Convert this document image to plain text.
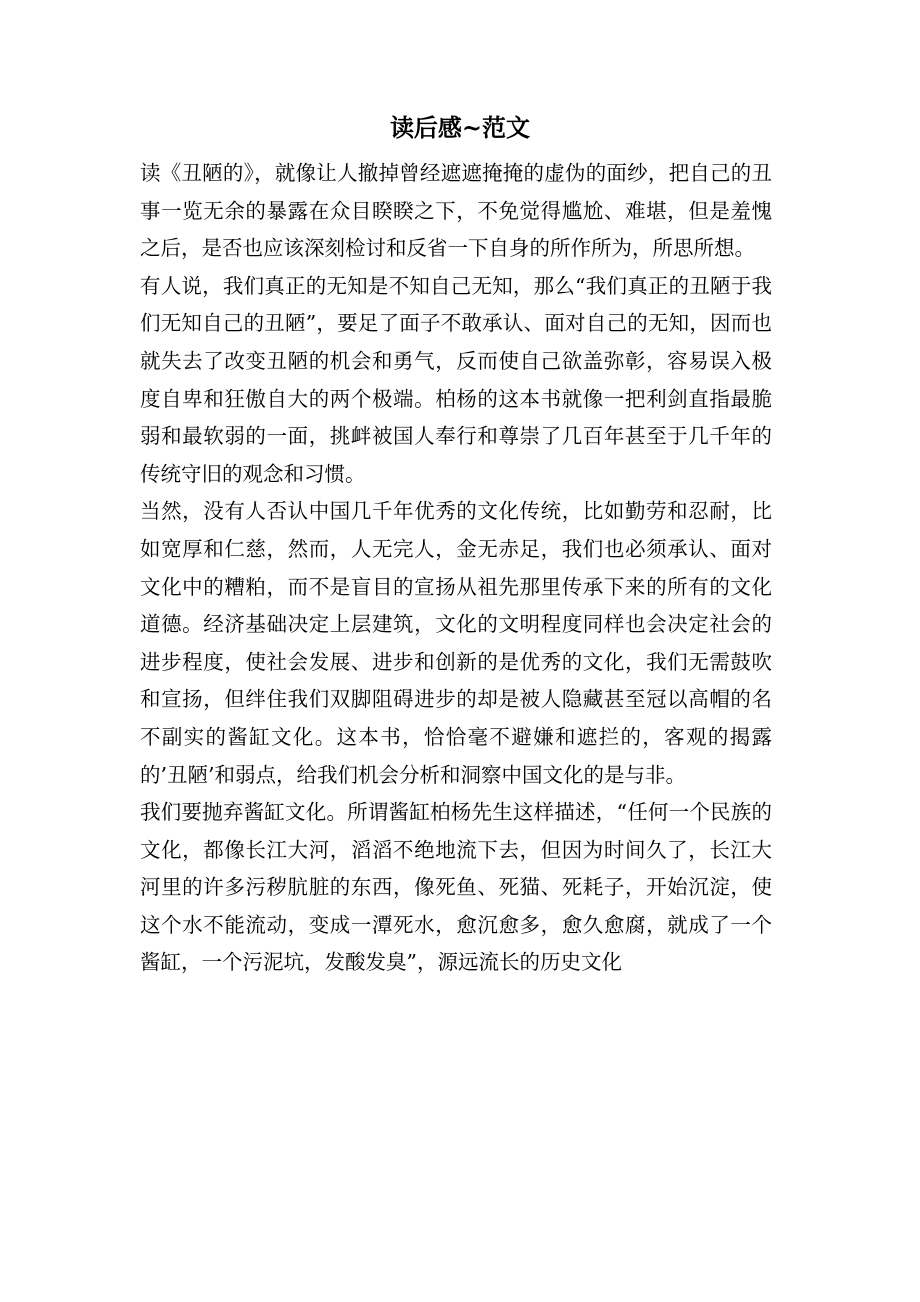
读后感~范文

读《丑陋的》，就像让人撤掉曾经遮遮掩掩的虚伪的面纱，把自己的丑事一览无余的暴露在众目睽睽之下，不免觉得尴尬、难堪，但是羞愧之后，是否也应该深刻检讨和反省一下自身的所作所为，所思所想。

有人说，我们真正的无知是不知自己无知，那么“我们真正的丑陋于我们无知自己的丑陋”，要足了面子不敢承认、面对自己的无知，因而也就失去了改变丑陋的机会和勇气，反而使自己欲盖弥彰，容易误入极度自卑和狂傲自大的两个极端。柏杨的这本书就像一把利剑直指最脆弱和最软弱的一面，挑衅被国人奉行和尊崇了几百年甚至于几千年的传统守旧的观念和习惯。

当然，没有人否认中国几千年优秀的文化传统，比如勤劳和忍耐，比如宽厚和仁慈，然而，人无完人，金无赤足，我们也必须承认、面对文化中的糟粕，而不是盲目的宣扬从祖先那里传承下来的所有的文化道德。经济基础决定上层建筑，文化的文明程度同样也会决定社会的进步程度，使社会发展、进步和创新的是优秀的文化，我们无需鼓吹和宣扬，但绊住我们双脚阻碍进步的却是被人隐藏甚至冠以高帽的名不副实的酱缸文化。这本书，恰恰毫不避嫌和遮拦的，客观的揭露的’丑陋’和弱点，给我们机会分析和洞察中国文化的是与非。

我们要抛弃酱缸文化。所谓酱缸柏杨先生这样描述，“任何一个民族的文化，都像长江大河，滔滔不绝地流下去，但因为时间久了，长江大河里的许多污秽肮脏的东西，像死鱼、死猫、死耗子，开始沉淀，使这个水不能流动，变成一潭死水，愈沉愈多，愈久愈腐，就成了一个酱缸，一个污泥坑，发酸发臭”，源远流长的历史文化
